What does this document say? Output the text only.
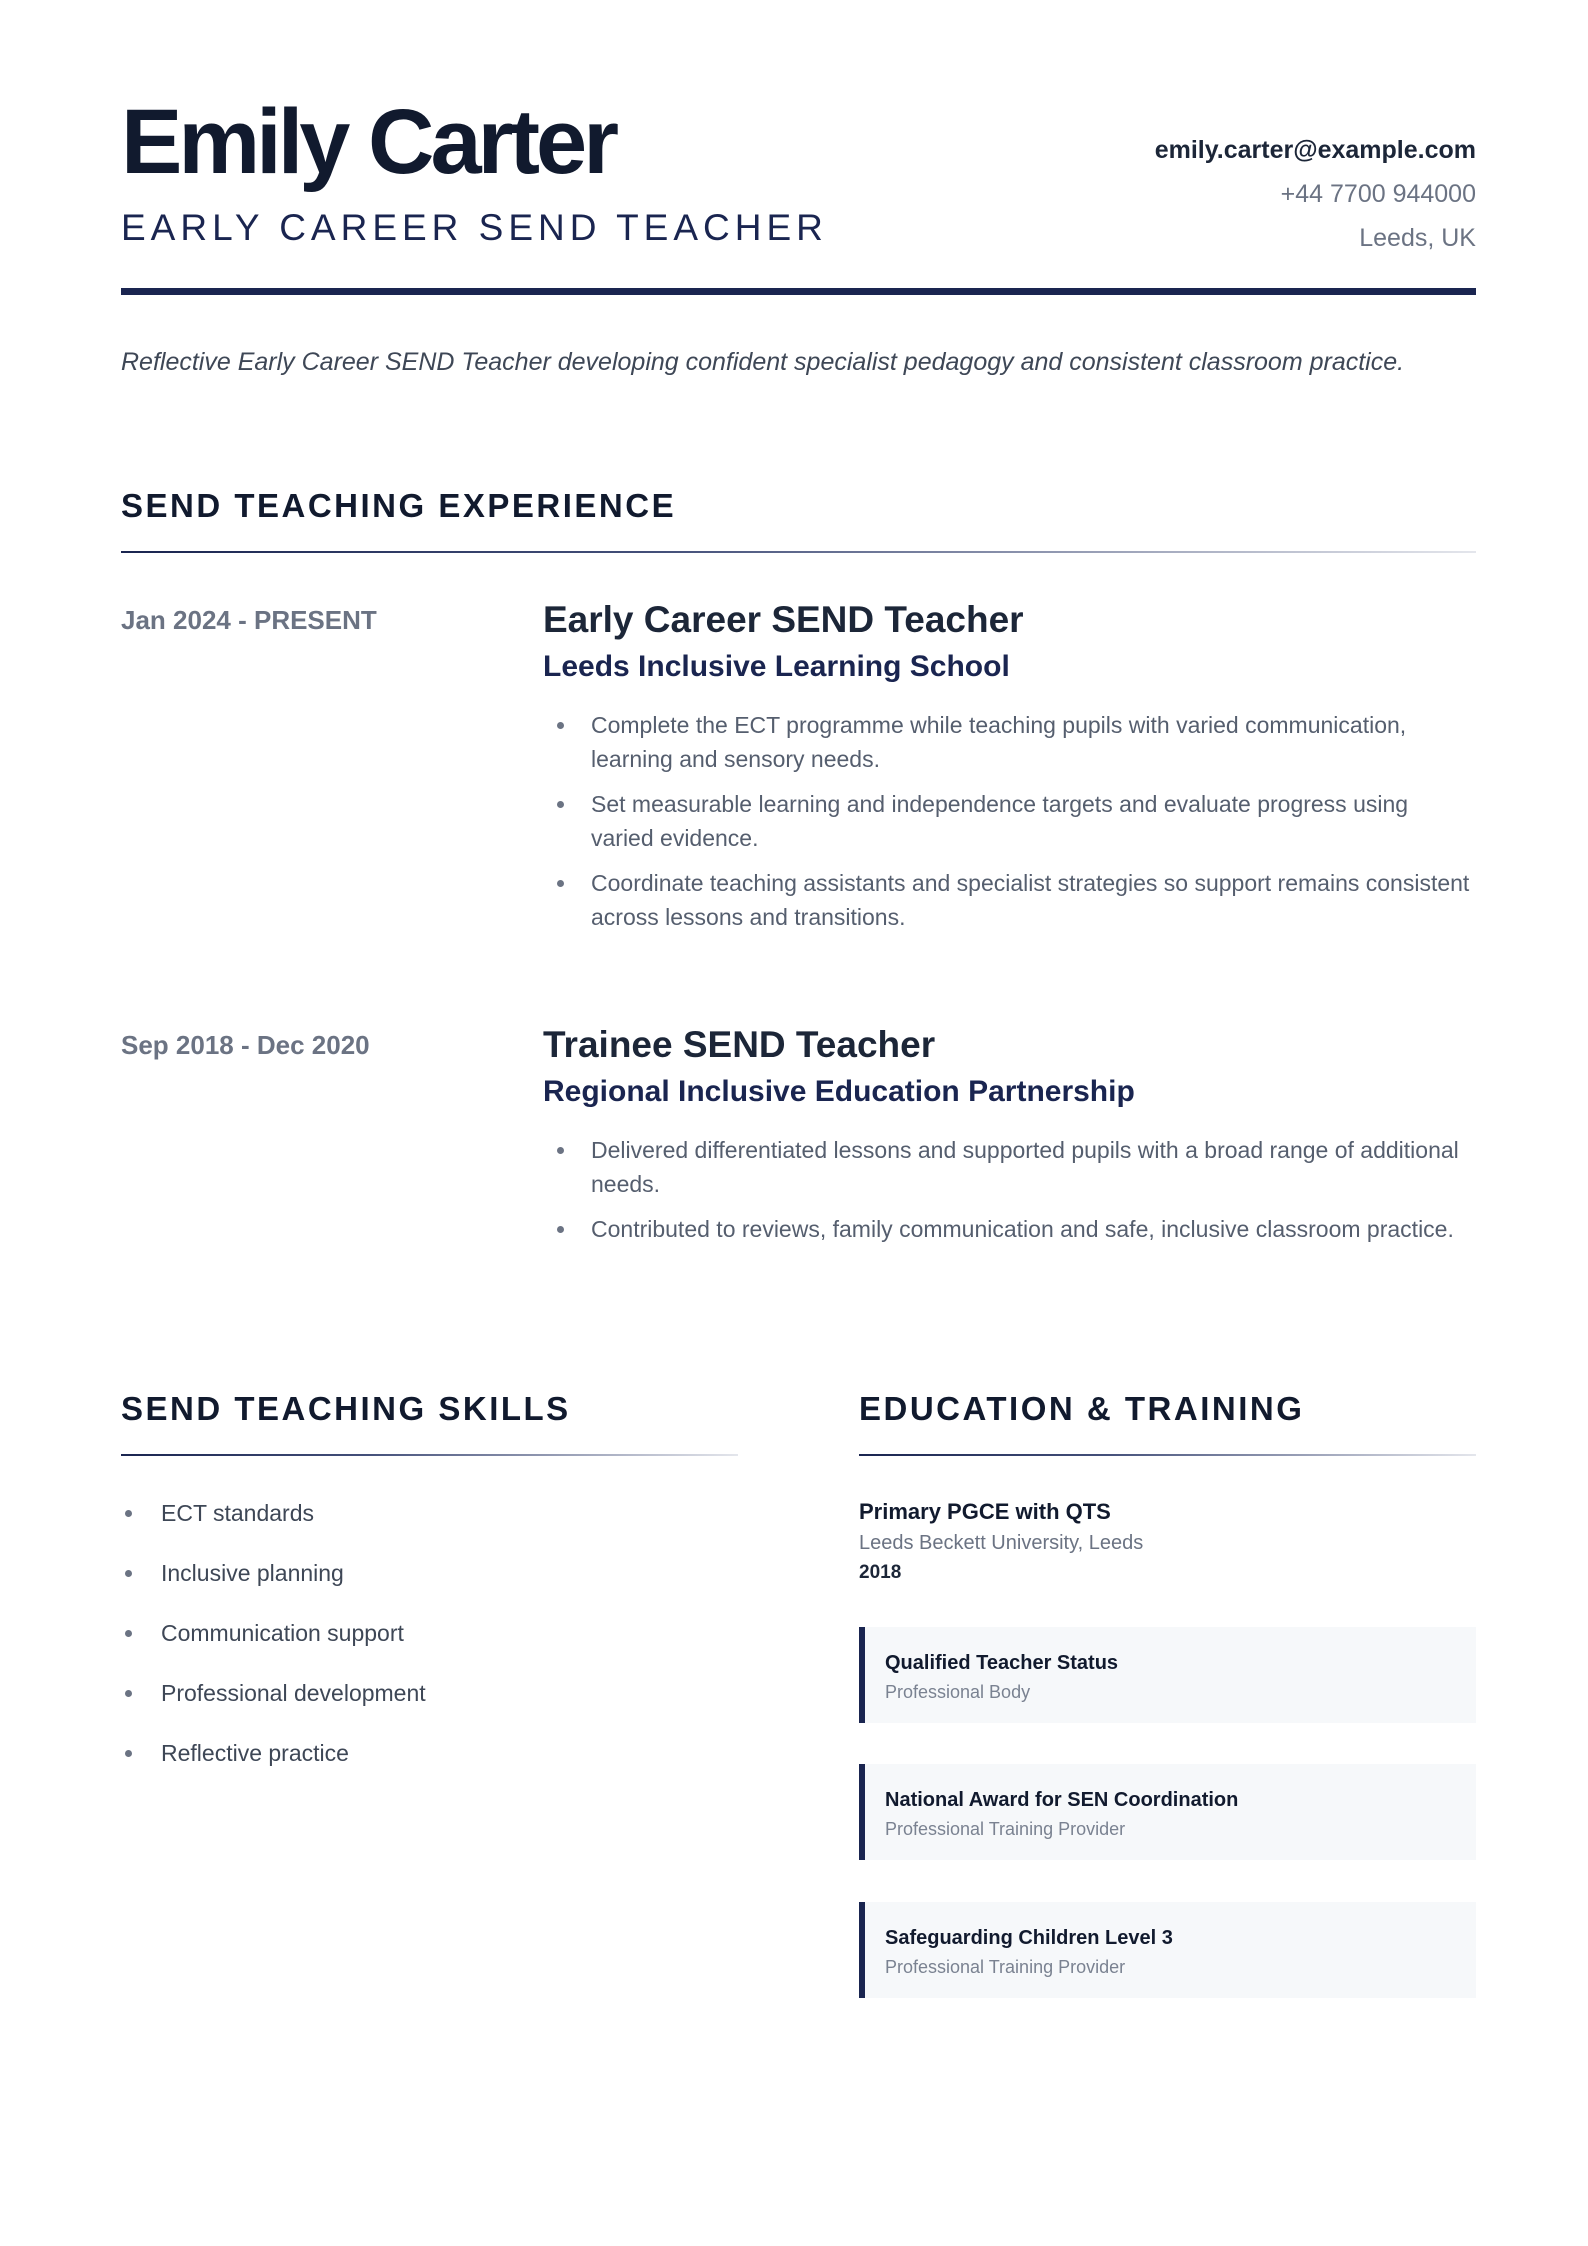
Emily Carter
EARLY CAREER SEND TEACHER
emily.carter@example.com
+44 7700 944000
Leeds, UK
Reflective Early Career SEND Teacher developing confident specialist pedagogy and consistent classroom practice.
SEND TEACHING EXPERIENCE
Jan 2024 - PRESENT	Early Career SEND Teacher
Leeds Inclusive Learning School
Complete the ECT programme while teaching pupils with varied communication, learning and sensory needs.
Set measurable learning and independence targets and evaluate progress using varied evidence.
Coordinate teaching assistants and specialist strategies so support remains consistent across lessons and transitions.
Sep 2018 - Dec 2020	Trainee SEND Teacher
Regional Inclusive Education Partnership
Delivered differentiated lessons and supported pupils with a broad range of additional needs.
Contributed to reviews, family communication and safe, inclusive classroom practice.
SEND TEACHING SKILLS
ECT standards
Inclusive planning
Communication support
Professional development
Reflective practice
EDUCATION & TRAINING
Primary PGCE with QTS
Leeds Beckett University, Leeds
2018
Qualified Teacher Status
Professional Body
National Award for SEN Coordination
Professional Training Provider
Safeguarding Children Level 3
Professional Training Provider
